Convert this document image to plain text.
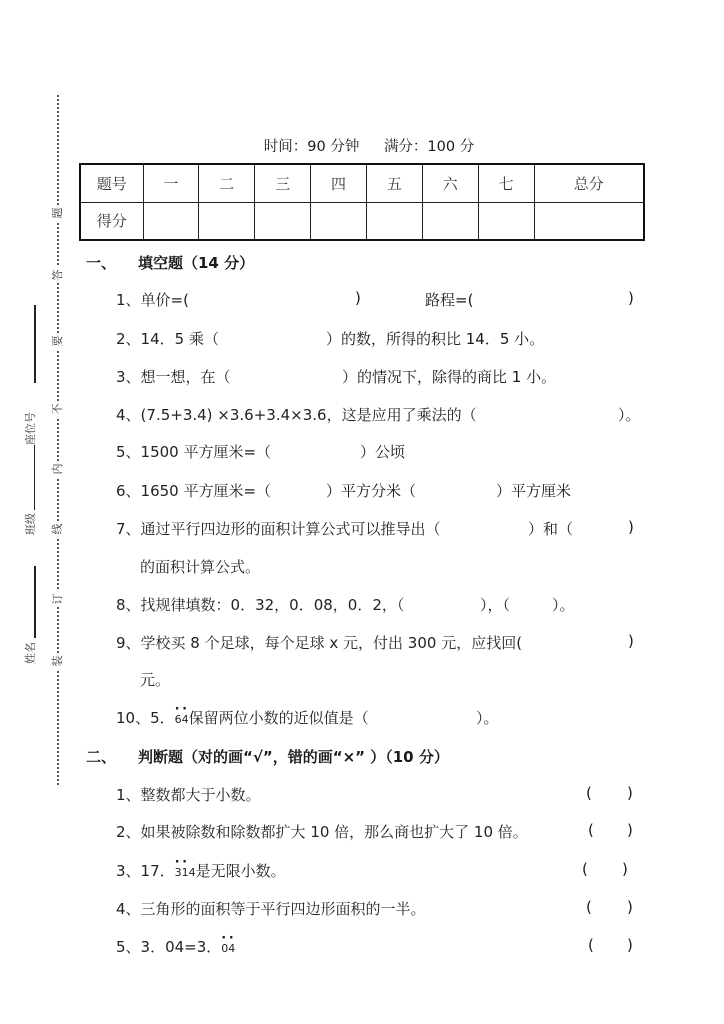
题
答
要
不
内
线
订
装
座位号
班级
姓名
时间：90 分钟 满分：100 分
题号	一	二	三	四	五	六	七	总分
得分								
一、 填空题（14 分）
1、单价=(	)	路程=(	)
2、14．5 乘（	）的数，所得的积比 14．5 小。
3、想一想，在（	）的情况下，除得的商比 1 小。
4、(7.5+3.4) ×3.6+3.4×3.6，这是应用了乘法的（	）。
5、1500 平方厘米=（	）公顷
6、1650 平方厘米=（	）平方分米（	）平方厘米
7、通过平行四边形的面积计算公式可以推导出（	）和（	)
的面积计算公式。
8、找规律填数：0．32，0．08，0．2，（	），（	）。
9、学校买 8 个足球，每个足球 x 元，付出 300 元，应找回(	)
元。
10、5．· · 64保留两位小数的近似值是（	）。
二、 判断题（对的画“√”，错的画“×” ）（10 分）
1、整数都大于小数。	( )
2、如果被除数和除数都扩大 10 倍，那么商也扩大了 10 倍。	( )
3、17．· · 314是无限小数。	( )
4、三角形的面积等于平行四边形面积的一半。	( )
5、3．04=3．· · 04	( )
